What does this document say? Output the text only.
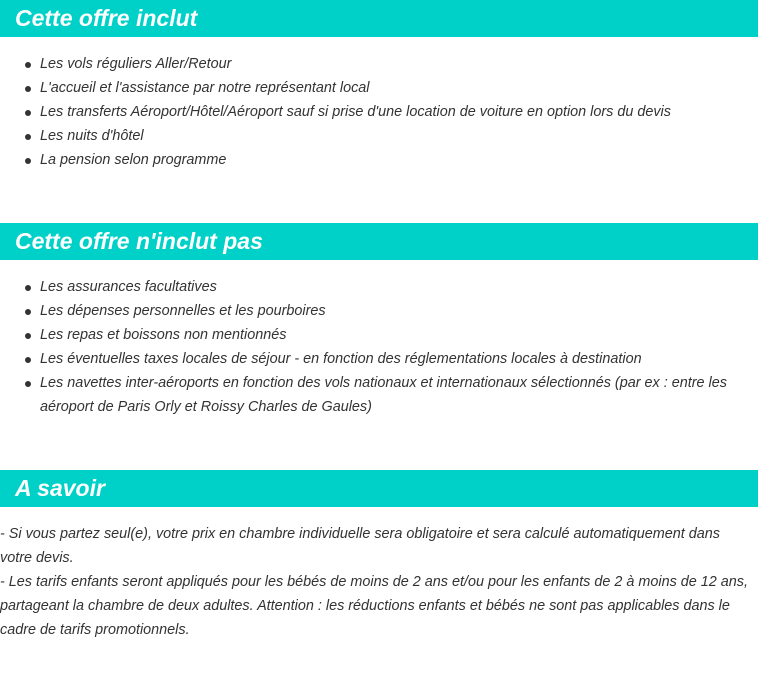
Cette offre inclut
Les vols réguliers Aller/Retour
L'accueil et l'assistance par notre représentant local
Les transferts Aéroport/Hôtel/Aéroport sauf si prise d'une location de voiture en option lors du devis
Les nuits d'hôtel
La pension selon programme
Cette offre n'inclut pas
Les assurances facultatives
Les dépenses personnelles et les pourboires
Les repas et boissons non mentionnés
Les éventuelles taxes locales de séjour - en fonction des réglementations locales à destination
Les navettes inter-aéroports en fonction des vols nationaux et internationaux sélectionnés (par ex : entre les aéroport de Paris Orly et Roissy Charles de Gaules)
A savoir

- Si vous partez seul(e), votre prix en chambre individuelle sera obligatoire et sera calculé automatiquement dans votre devis.

- Les tarifs enfants seront appliqués pour les bébés de moins de 2 ans et/ou pour les enfants de 2 à moins de 12 ans, partageant la chambre de deux adultes. Attention : les réductions enfants et bébés ne sont pas applicables dans le cadre de tarifs promotionnels.
